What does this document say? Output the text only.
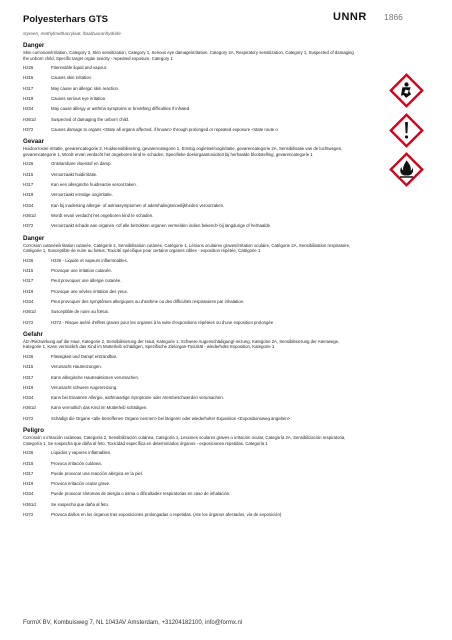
Polyesterhars GTS	UNNR 1866
styreen, methylmethacrylaat, ftaalzuuranhydride
Danger
Skin corrosion/irritation, Category 2, Skin sensitization, Category 1, Serious eye damage/irritation, Category 2A, Respiratory sensitization, Category 1, Suspected of damaging the unborn child, Specific target organ toxicity - repeated exposure, Category 1
H226	Flammable liquid and vapour.
H315	Causes skin irritation.
H317	May cause an allergic skin reaction.
H319	Causes serious eye irritation.
H334	May cause allergy or asthma symptoms or breathing difficulties if inhaled.
H361d	Suspected of damaging the unborn child.
H372	Causes damage to organs <State all organs affected, if known> through prolonged or repeated exposure <state route o
Gevaar
Huidcorrosie/-irritatie, gevarencategorie 2, Huidsensibilisering, gevarencategorie 1, Ernstig oogletsel/oogirritatie, gevarencategorie 2A, Sensibilisatie van de luchtwegen, gevarencategorie 1, Wordt ervan verdacht het ongeboren kind te schaden, Specifieke doelorgaantoxiciteit bij herhaalde blootstelling, gevarencategorie 1
H226	Ontvlambare vloeistof en damp.
H315	Veroorzaakt huidirritatie.
H317	Kan een allergische huidreactie veroorzaken.
H319	Veroorzaakt ernstige oogirritatie.
H334	Kan bij inademing allergie- of astmasymptomen of ademhalingsmoeilijkheden veroorzaken.
H361d	Wordt ervan verdacht het ongeboren kind te schaden.
H372	Veroorzaakt schade aan organen <of alle betrokken organen vermelden indien bekend> bij langdurige of herhaalde
Danger
Corrosion cutanée/irritation cutanée, Catégorie 2, Sensibilisation cutanée, Catégorie 1, Lésions oculaires graves/irritation oculaire, Catégorie 2A, Sensibilisation respiratoire, Catégorie 1, Susceptible de nuire au fœtus, Toxicité spécifique pour certains organes cibles - exposition répétée, Catégorie 1
H226	H226 - Liquide et vapeurs inflammables.
H315	Provoque une irritation cutanée.
H317	Peut provoquer une allergie cutanée.
H319	Provoque une sévère irritation des yeux.
H334	Peut provoquer des symptômes allergiques ou d'asthme ou des difficultés respiratoires par inhalation.
H361d	Susceptible de nuire au fœtus.
H372	H372 - Risque avéré d'effets graves pour les organes à la suite d'expositions répétées ou d'une exposition prolongée
Gefahr
Ätz-/Reizwirkung auf die Haut, Kategorie 2, Sensibilisierung der Haut, Kategorie 1, Schwere Augenschädigung/-reizung, Kategorie 2A, Sensibilisierung der Atemwege, Kategorie 1, Kann vermutlich das Kind im Mutterleib schädigen, Spezifische Zielorgan-Toxizität - wiederholte Exposition, Kategorie 1
H226	Flüssigkeit und Dampf entzündbar.
H315	Verursacht Hautreizungen.
H317	Kann allergische Hautreaktionen verursachen.
H319	Verursacht schwere Augenreizung.
H334	Kann bei Einatmen Allergie, asthmaartige Symptome oder Atembeschwerden verursachen.
H361d	Kann vermutlich das Kind im Mutterleib schädigen.
H372	Schädigt die Organe <alle betroffenen Organe nennen> bei längerer oder wiederholter Exposition <Expositionsweg angeben>
Peligro
Corrosión o irritación cutáneas, Categoría 2, Sensibilización cutánea, Categoría 1, Lesiones oculares graves o irritación ocular, Categoría 2A, Sensibilización respiratoria, Categoría 1, Se sospecha que daña al feto, Toxicidad específica en determinados órganos - exposiciones repetidas, Categoría 1
H226	Líquidos y vapores inflamables.
H315	Provoca irritación cutánea.
H317	Puede provocar una reacción alérgica en la piel.
H319	Provoca irritación ocular grave.
H334	Puede provocar síntomas de alergia o asma o dificultades respiratorias en caso de inhalación.
H361d	Se sospecha que daña al feto.
H372	Provoca daños en los órganos tras exposiciones prolongadas o repetidas. (Ate los órganos afectados, vía de exposición)
FormX BV, Kombuisweg 7, NL 1043AV Amsterdam, +31204182100, info@formx.nl
